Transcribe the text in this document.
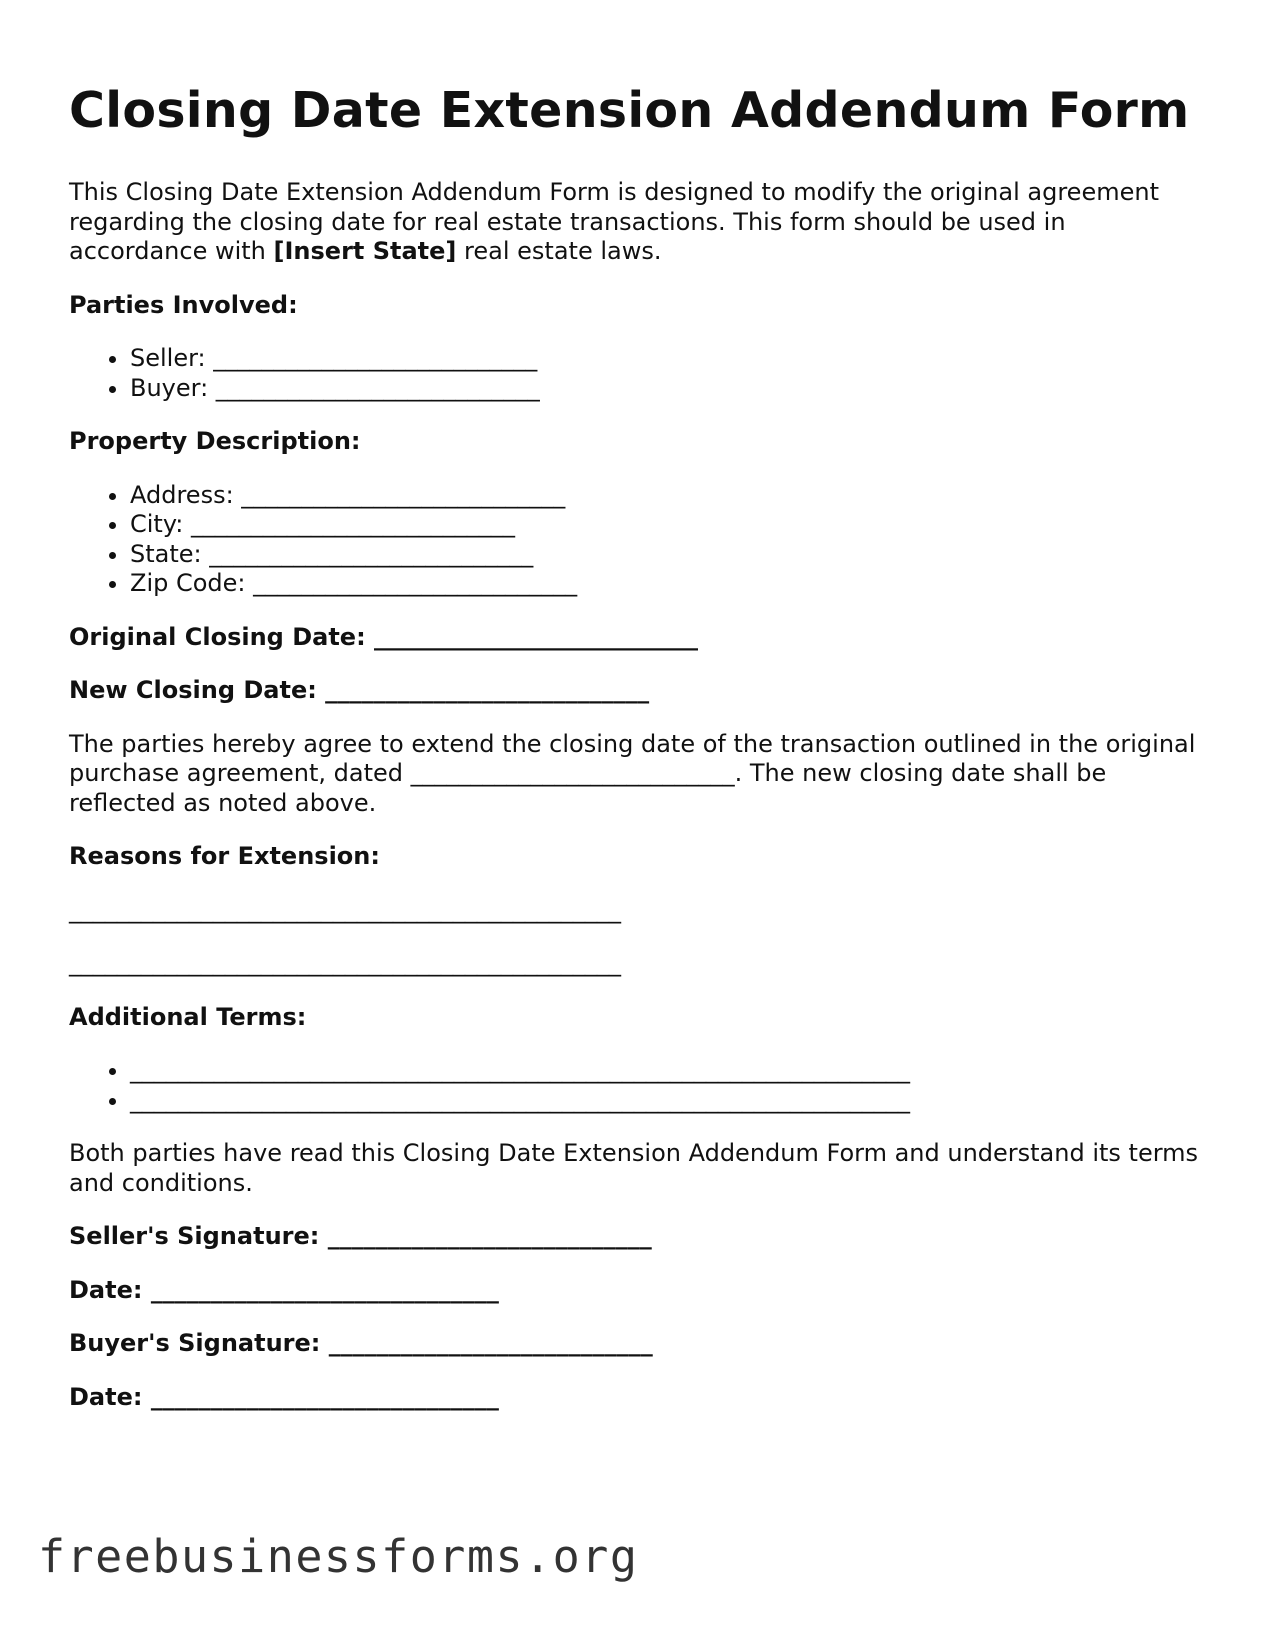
Closing Date Extension Addendum Form

This Closing Date Extension Addendum Form is designed to modify the original agreement regarding the closing date for real estate transactions. This form should be used in accordance with [Insert State] real estate laws.

Parties Involved:
• Seller: ___________________________
• Buyer: ___________________________
Property Description:
• Address: ___________________________
• City: ___________________________
• State: ___________________________
• Zip Code: ___________________________
Original Closing Date: ___________________________
New Closing Date: ___________________________

The parties hereby agree to extend the closing date of the transaction outlined in the original purchase agreement, dated ___________________________. The new closing date shall be reflected as noted above.

Reasons for Extension:
______________________________________________
______________________________________________
Additional Terms:
• _________________________________________________________________
• _________________________________________________________________

Both parties have read this Closing Date Extension Addendum Form and understand its terms and conditions.

Seller's Signature: ___________________________
Date: _____________________________
Buyer's Signature: ___________________________
Date: _____________________________
freebusinessforms.org
